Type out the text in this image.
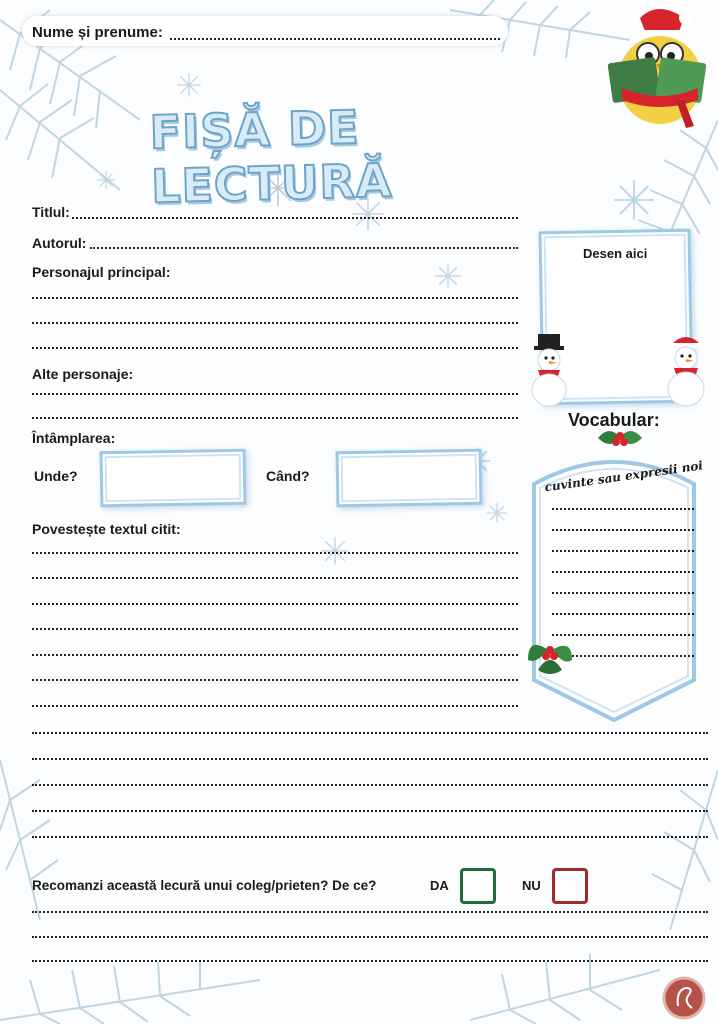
Nume și prenume:
FIȘĂ DE LECTURĂ
Titlul:
Autorul:
Personajul principal:
Alte personaje:
Întâmplarea:
Unde?	Când?
Povestește textul citit:
Desen aici
Vocabular:
cuvinte sau expresii noi
Recomanzi această lecură unui coleg/prieten? De ce?	DA	NU
